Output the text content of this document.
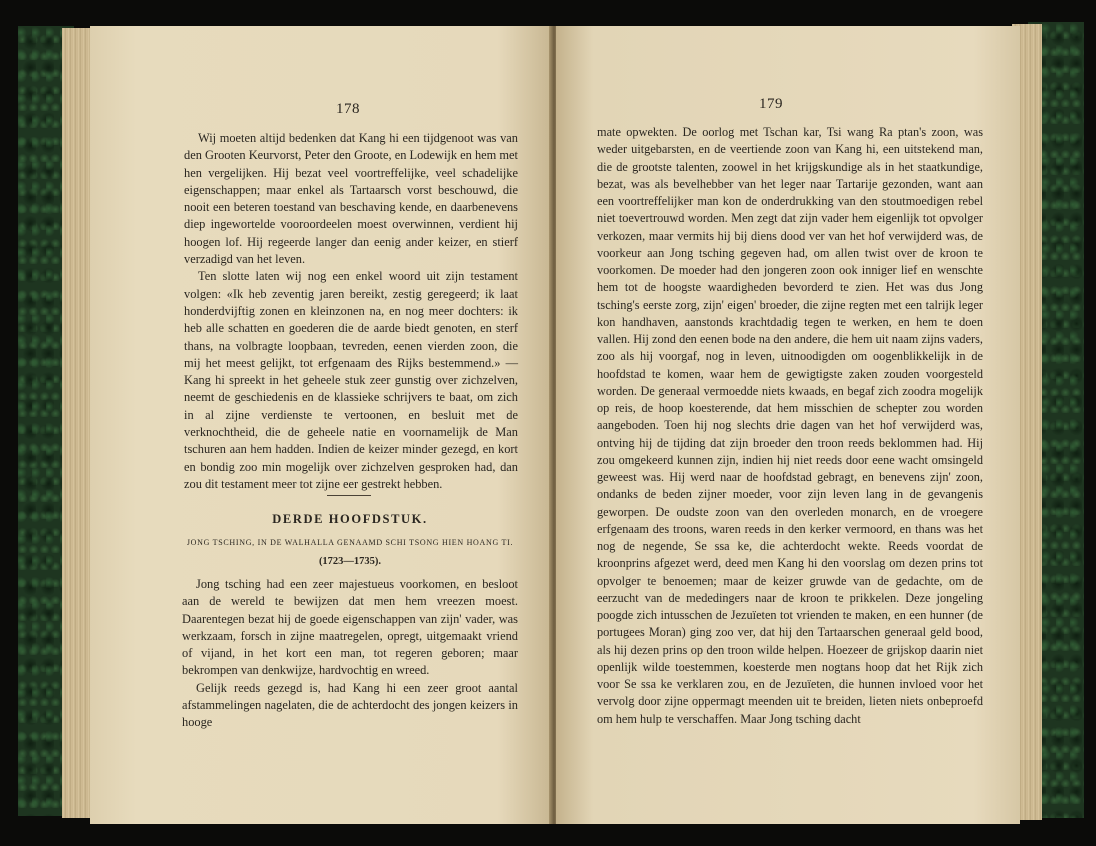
178

Wij moeten altijd bedenken dat Kang hi een tijdgenoot was van den Grooten Keurvorst, Peter den Groote, en Lodewijk en hem met hen vergelijken. Hij bezat veel voortreffelijke, veel schadelijke eigenschappen; maar enkel als Tartaarsch vorst beschouwd, die nooit een beteren toestand van beschaving kende, en daarbenevens diep ingewortelde vooroordeelen moest overwinnen, verdient hij hoogen lof. Hij regeerde langer dan eenig ander keizer, en stierf verzadigd van het leven.

Ten slotte laten wij nog een enkel woord uit zijn testament volgen: «Ik heb zeventig jaren bereikt, zestig geregeerd; ik laat honderdvijftig zonen en kleinzonen na, en nog meer dochters: ik heb alle schatten en goederen die de aarde biedt genoten, en sterf thans, na volbragte loopbaan, tevreden, eenen vierden zoon, die mij het meest gelijkt, tot erfgenaam des Rijks bestemmend.» — Kang hi spreekt in het geheele stuk zeer gunstig over zichzelven, neemt de geschiedenis en de klassieke schrijvers te baat, om zich in al zijne verdienste te vertoonen, en besluit met de verknochtheid, die de geheele natie en voornamelijk de Man tschuren aan hem hadden. Indien de keizer minder gezegd, en kort en bondig zoo min mogelijk over zichzelven gesproken had, dan zou dit testament meer tot zijne eer gestrekt hebben.

DERDE HOOFDSTUK.
JONG TSCHING, IN DE WALHALLA GENAAMD SCHI TSONG HIEN HOANG TI.
(1723—1735).

Jong tsching had een zeer majestueus voorkomen, en besloot aan de wereld te bewijzen dat men hem vreezen moest. Daarentegen bezat hij de goede eigenschappen van zijn' vader, was werkzaam, forsch in zijne maatregelen, opregt, uitgemaakt vriend of vijand, in het kort een man, tot regeren geboren; maar bekrompen van denkwijze, hardvochtig en wreed.

Gelijk reeds gezegd is, had Kang hi een zeer groot aantal afstammelingen nagelaten, die de achterdocht des jongen keizers in hooge

179

mate opwekten. De oorlog met Tschan kar, Tsi wang Ra ptan's zoon, was weder uitgebarsten, en de veertiende zoon van Kang hi, een uitstekend man, die de grootste talenten, zoowel in het krijgskundige als in het staatkundige, bezat, was als bevelhebber van het leger naar Tartarije gezonden, want aan een voortreffelijker man kon de onderdrukking van den stoutmoedigen rebel niet toevertrouwd worden. Men zegt dat zijn vader hem eigenlijk tot opvolger verkozen, maar vermits hij bij diens dood ver van het hof verwijderd was, de voorkeur aan Jong tsching gegeven had, om allen twist over de kroon te voorkomen. De moeder had den jongeren zoon ook inniger lief en wenschte hem tot de hoogste waardigheden bevorderd te zien. Het was dus Jong tsching's eerste zorg, zijn' eigen' broeder, die zijne regten met een talrijk leger kon handhaven, aanstonds krachtdadig tegen te werken, en hem te doen vallen. Hij zond den eenen bode na den andere, die hem uit naam zijns vaders, zoo als hij voorgaf, nog in leven, uitnoodigden om oogenblikkelijk in de hoofdstad te komen, waar hem de gewigtigste zaken zouden voorgesteld worden. De generaal vermoedde niets kwaads, en begaf zich zoodra mogelijk op reis, de hoop koesterende, dat hem misschien de schepter zou worden aangeboden. Toen hij nog slechts drie dagen van het hof verwijderd was, ontving hij de tijding dat zijn broeder den troon reeds beklommen had. Hij zou omgekeerd kunnen zijn, indien hij niet reeds door eene wacht omsingeld geweest was. Hij werd naar de hoofdstad gebragt, en benevens zijn' zoon, ondanks de beden zijner moeder, voor zijn leven lang in de gevangenis geworpen. De oudste zoon van den overleden monarch, en de vroegere erfgenaam des troons, waren reeds in den kerker vermoord, en thans was het nog de negende, Se ssa ke, die achterdocht wekte. Reeds voordat de kroonprins afgezet werd, deed men Kang hi den voorslag om dezen prins tot opvolger te benoemen; maar de keizer gruwde van de gedachte, om de eerzucht van de mededingers naar de kroon te prikkelen. Deze jongeling poogde zich intusschen de Jezuïeten tot vrienden te maken, en een hunner (de portugees Moran) ging zoo ver, dat hij den Tartaarschen generaal geld bood, als hij dezen prins op den troon wilde helpen. Hoezeer de grijskop daarin niet openlijk wilde toestemmen, koesterde men nogtans hoop dat het Rijk zich voor Se ssa ke verklaren zou, en de Jezuïeten, die hunnen invloed voor het vervolg door zijne oppermagt meenden uit te breiden, lieten niets onbeproefd om hem hulp te verschaffen. Maar Jong tsching dacht
